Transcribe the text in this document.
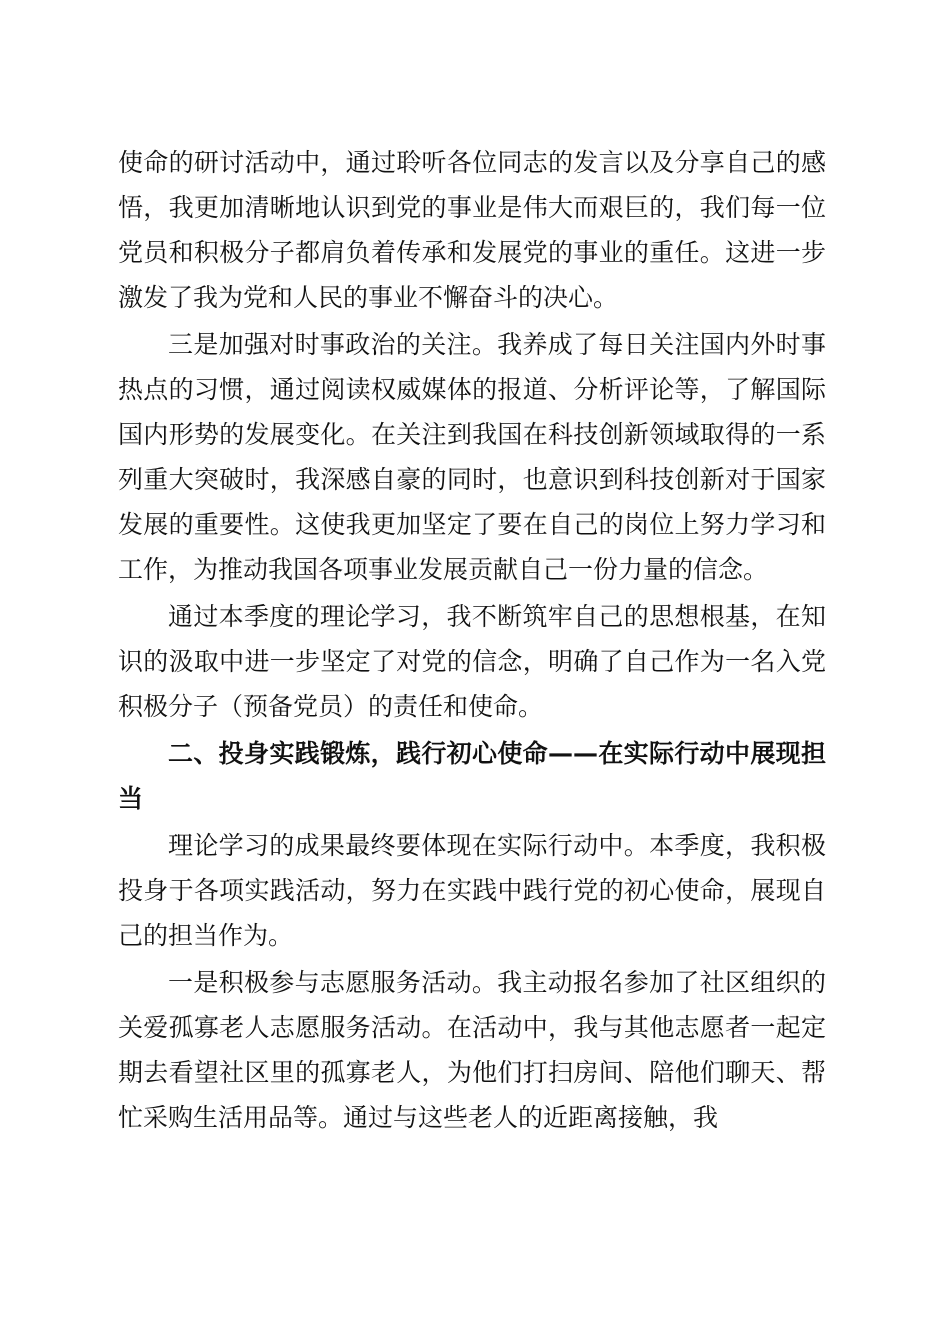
使命的研讨活动中，通过聆听各位同志的发言以及分享自己的感悟，我更加清晰地认识到党的事业是伟大而艰巨的，我们每一位党员和积极分子都肩负着传承和发展党的事业的重任。这进一步激发了我为党和人民的事业不懈奋斗的决心。

三是加强对时事政治的关注。我养成了每日关注国内外时事热点的习惯，通过阅读权威媒体的报道、分析评论等，了解国际国内形势的发展变化。在关注到我国在科技创新领域取得的一系列重大突破时，我深感自豪的同时，也意识到科技创新对于国家发展的重要性。这使我更加坚定了要在自己的岗位上努力学习和工作，为推动我国各项事业发展贡献自己一份力量的信念。

通过本季度的理论学习，我不断筑牢自己的思想根基，在知识的汲取中进一步坚定了对党的信念，明确了自己作为一名入党积极分子（预备党员）的责任和使命。

二、投身实践锻炼，践行初心使命——在实际行动中展现担当

理论学习的成果最终要体现在实际行动中。本季度，我积极投身于各项实践活动，努力在实践中践行党的初心使命，展现自己的担当作为。

一是积极参与志愿服务活动。我主动报名参加了社区组织的关爱孤寡老人志愿服务活动。在活动中，我与其他志愿者一起定期去看望社区里的孤寡老人，为他们打扫房间、陪他们聊天、帮忙采购生活用品等。通过与这些老人的近距离接触，我
